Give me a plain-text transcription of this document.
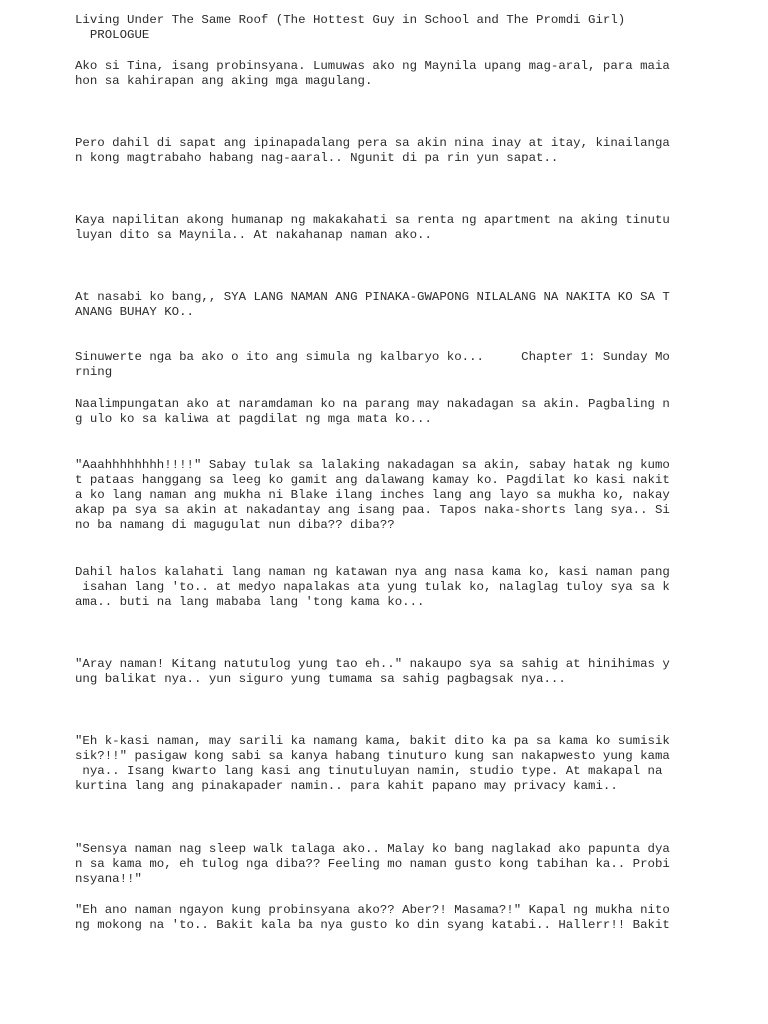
Living Under The Same Roof (The Hottest Guy in School and The Promdi Girl)

PROLOGUE

Ako si Tina, isang probinsyana. Lumuwas ako ng Maynila upang mag-aral, para maia

hon sa kahirapan ang aking mga magulang.

Pero dahil di sapat ang ipinapadalang pera sa akin nina inay at itay, kinailanga

n kong magtrabaho habang nag-aaral.. Ngunit di pa rin yun sapat..

Kaya napilitan akong humanap ng makakahati sa renta ng apartment na aking tinutu

luyan dito sa Maynila.. At nakahanap naman ako..

At nasabi ko bang,, SYA LANG NAMAN ANG PINAKA-GWAPONG NILALANG NA NAKITA KO SA T

ANANG BUHAY KO..

Sinuwerte nga ba ako o ito ang simula ng kalbaryo ko...     Chapter 1: Sunday Mo

rning

Naalimpungatan ako at naramdaman ko na parang may nakadagan sa akin. Pagbaling n

g ulo ko sa kaliwa at pagdilat ng mga mata ko...

"Aaahhhhhhhh!!!!" Sabay tulak sa lalaking nakadagan sa akin, sabay hatak ng kumo

t pataas hanggang sa leeg ko gamit ang dalawang kamay ko. Pagdilat ko kasi nakit

a ko lang naman ang mukha ni Blake ilang inches lang ang layo sa mukha ko, nakay

akap pa sya sa akin at nakadantay ang isang paa. Tapos naka-shorts lang sya.. Si

no ba namang di magugulat nun diba?? diba??

Dahil halos kalahati lang naman ng katawan nya ang nasa kama ko, kasi naman pang

isahan lang 'to.. at medyo napalakas ata yung tulak ko, nalaglag tuloy sya sa k

ama.. buti na lang mababa lang 'tong kama ko...

"Aray naman! Kitang natutulog yung tao eh.." nakaupo sya sa sahig at hinihimas y

ung balikat nya.. yun siguro yung tumama sa sahig pagbagsak nya...

"Eh k-kasi naman, may sarili ka namang kama, bakit dito ka pa sa kama ko sumisik

sik?!!" pasigaw kong sabi sa kanya habang tinuturo kung san nakapwesto yung kama

nya.. Isang kwarto lang kasi ang tinutuluyan namin, studio type. At makapal na

kurtina lang ang pinakapader namin.. para kahit papano may privacy kami..

"Sensya naman nag sleep walk talaga ako.. Malay ko bang naglakad ako papunta dya

n sa kama mo, eh tulog nga diba?? Feeling mo naman gusto kong tabihan ka.. Probi

nsyana!!"

"Eh ano naman ngayon kung probinsyana ako?? Aber?! Masama?!" Kapal ng mukha nito

ng mokong na 'to.. Bakit kala ba nya gusto ko din syang katabi.. Hallerr!! Bakit
